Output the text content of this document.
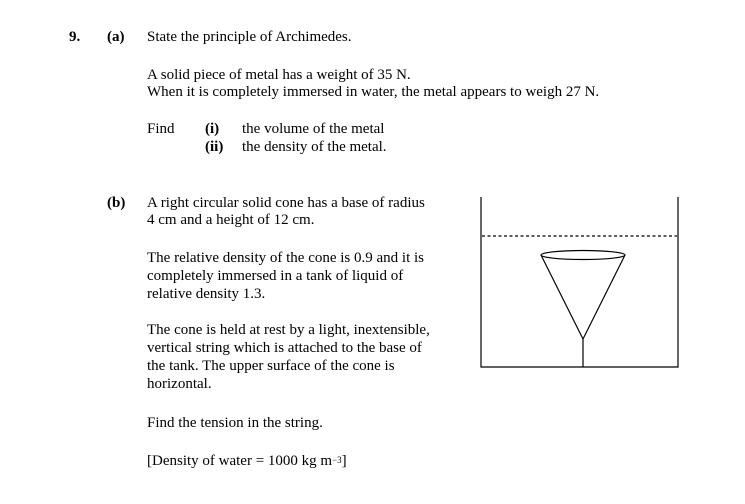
9. (a) State the principle of Archimedes.
A solid piece of metal has a weight of 35 N.
When it is completely immersed in water, the metal appears to weigh 27 N.
Find (i) the volume of the metal
(ii) the density of the metal.
(b) A right circular solid cone has a base of radius
4 cm and a height of 12 cm.
The relative density of the cone is 0.9 and it is
completely immersed in a tank of liquid of
relative density 1.3.
The cone is held at rest by a light, inextensible,
vertical string which is attached to the base of
the tank. The upper surface of the cone is
horizontal.
Find the tension in the string.
[Density of water = 1000 kg $m^{-3}$]
